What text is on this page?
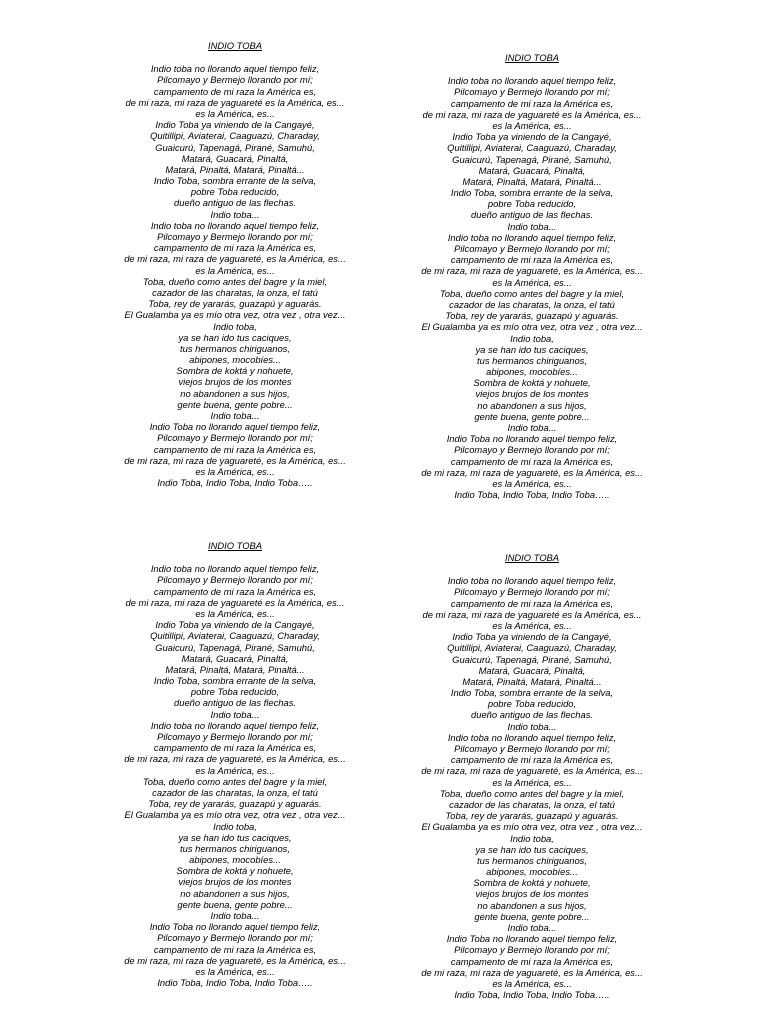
INDIO TOBA
Indio toba no llorando aquel tiempo feliz,
Pilcomayo y Bermejo llorando por mí;
campamento de mi raza la América es,
de mi raza, mi raza de yaguareté es la América, es...
es la América, es...
Indio Toba ya viniendo de la Cangayé,
Quitillipi, Aviaterai, Caaguazú, Charaday,
Guaicurú, Tapenagá, Pirané, Samuhú,
Matará, Guacará, Pinaltá,
Matará, Pinaltá, Matará, Pinaltá...
Indio Toba, sombra errante de la selva,
pobre Toba reducido,
dueño antiguo de las flechas.
Indio toba...
Indio toba no llorando aquel tiempo feliz,
Pilcomayo y Bermejo llorando por mí;
campamento de mi raza la América es,
de mi raza, mi raza de yaguareté, es la América, es...
es la América, es...
Toba, dueño como antes del bagre y la miel,
cazador de las charatas, la onza, el tatú
Toba, rey de yararás, guazapú y aguarás.
El Gualamba ya es mío otra vez, otra vez , otra vez...
Indio toba,
ya se han ido tus caciques,
tus hermanos chiriguanos,
abipones, mocobíes...
Sombra de koktá y nohuete,
viejos brujos de los montes
no abandonen a sus hijos,
gente buena, gente pobre...
Indio toba...
Indio Toba no llorando aquel tiempo feliz,
Pilcomayo y Bermejo llorando por mí;
campamento de mi raza la América es,
de mi raza, mi raza de yaguareté, es la América, es...
es la América, es...
Indio Toba, Indio Toba, Indio Toba…..
INDIO TOBA
Indio toba no llorando aquel tiempo feliz,
Pilcomayo y Bermejo llorando por mí;
campamento de mi raza la América es,
de mi raza, mi raza de yaguareté es la América, es...
es la América, es...
Indio Toba ya viniendo de la Cangayé,
Quitillipi, Aviaterai, Caaguazú, Charaday,
Guaicurú, Tapenagá, Pirané, Samuhú,
Matará, Guacará, Pinaltá,
Matará, Pinaltá, Matará, Pinaltá...
Indio Toba, sombra errante de la selva,
pobre Toba reducido,
dueño antiguo de las flechas.
Indio toba...
Indio toba no llorando aquel tiempo feliz,
Pilcomayo y Bermejo llorando por mí;
campamento de mi raza la América es,
de mi raza, mi raza de yaguareté, es la América, es...
es la América, es...
Toba, dueño como antes del bagre y la miel,
cazador de las charatas, la onza, el tatú
Toba, rey de yararás, guazapú y aguarás.
El Gualamba ya es mío otra vez, otra vez , otra vez...
Indio toba,
ya se han ido tus caciques,
tus hermanos chiriguanos,
abipones, mocobíes...
Sombra de koktá y nohuete,
viejos brujos de los montes
no abandonen a sus hijos,
gente buena, gente pobre...
Indio toba...
Indio Toba no llorando aquel tiempo feliz,
Pilcomayo y Bermejo llorando por mí;
campamento de mi raza la América es,
de mi raza, mi raza de yaguareté, es la América, es...
es la América, es...
Indio Toba, Indio Toba, Indio Toba…..
INDIO TOBA
Indio toba no llorando aquel tiempo feliz,
Pilcomayo y Bermejo llorando por mí;
campamento de mi raza la América es,
de mi raza, mi raza de yaguareté es la América, es...
es la América, es...
Indio Toba ya viniendo de la Cangayé,
Quitillipi, Aviaterai, Caaguazú, Charaday,
Guaicurú, Tapenagá, Pirané, Samuhú,
Matará, Guacará, Pinaltá,
Matará, Pinaltá, Matará, Pinaltá...
Indio Toba, sombra errante de la selva,
pobre Toba reducido,
dueño antiguo de las flechas.
Indio toba...
Indio toba no llorando aquel tiempo feliz,
Pilcomayo y Bermejo llorando por mí;
campamento de mi raza la América es,
de mi raza, mi raza de yaguareté, es la América, es...
es la América, es...
Toba, dueño como antes del bagre y la miel,
cazador de las charatas, la onza, el tatú
Toba, rey de yararás, guazapú y aguarás.
El Gualamba ya es mío otra vez, otra vez , otra vez...
Indio toba,
ya se han ido tus caciques,
tus hermanos chiriguanos,
abipones, mocobíes...
Sombra de koktá y nohuete,
viejos brujos de los montes
no abandonen a sus hijos,
gente buena, gente pobre...
Indio toba...
Indio Toba no llorando aquel tiempo feliz,
Pilcomayo y Bermejo llorando por mí;
campamento de mi raza la América es,
de mi raza, mi raza de yaguareté, es la América, es...
es la América, es...
Indio Toba, Indio Toba, Indio Toba…..
INDIO TOBA
Indio toba no llorando aquel tiempo feliz,
Pilcomayo y Bermejo llorando por mí;
campamento de mi raza la América es,
de mi raza, mi raza de yaguareté es la América, es...
es la América, es...
Indio Toba ya viniendo de la Cangayé,
Quitillipi, Aviaterai, Caaguazú, Charaday,
Guaicurú, Tapenagá, Pirané, Samuhú,
Matará, Guacará, Pinaltá,
Matará, Pinaltá, Matará, Pinaltá...
Indio Toba, sombra errante de la selva,
pobre Toba reducido,
dueño antiguo de las flechas.
Indio toba...
Indio toba no llorando aquel tiempo feliz,
Pilcomayo y Bermejo llorando por mí;
campamento de mi raza la América es,
de mi raza, mi raza de yaguareté, es la América, es...
es la América, es...
Toba, dueño como antes del bagre y la miel,
cazador de las charatas, la onza, el tatú
Toba, rey de yararás, guazapú y aguarás.
El Gualamba ya es mío otra vez, otra vez , otra vez...
Indio toba,
ya se han ido tus caciques,
tus hermanos chiriguanos,
abipones, mocobíes...
Sombra de koktá y nohuete,
viejos brujos de los montes
no abandonen a sus hijos,
gente buena, gente pobre...
Indio toba...
Indio Toba no llorando aquel tiempo feliz,
Pilcomayo y Bermejo llorando por mí;
campamento de mi raza la América es,
de mi raza, mi raza de yaguareté, es la América, es...
es la América, es...
Indio Toba, Indio Toba, Indio Toba…..
